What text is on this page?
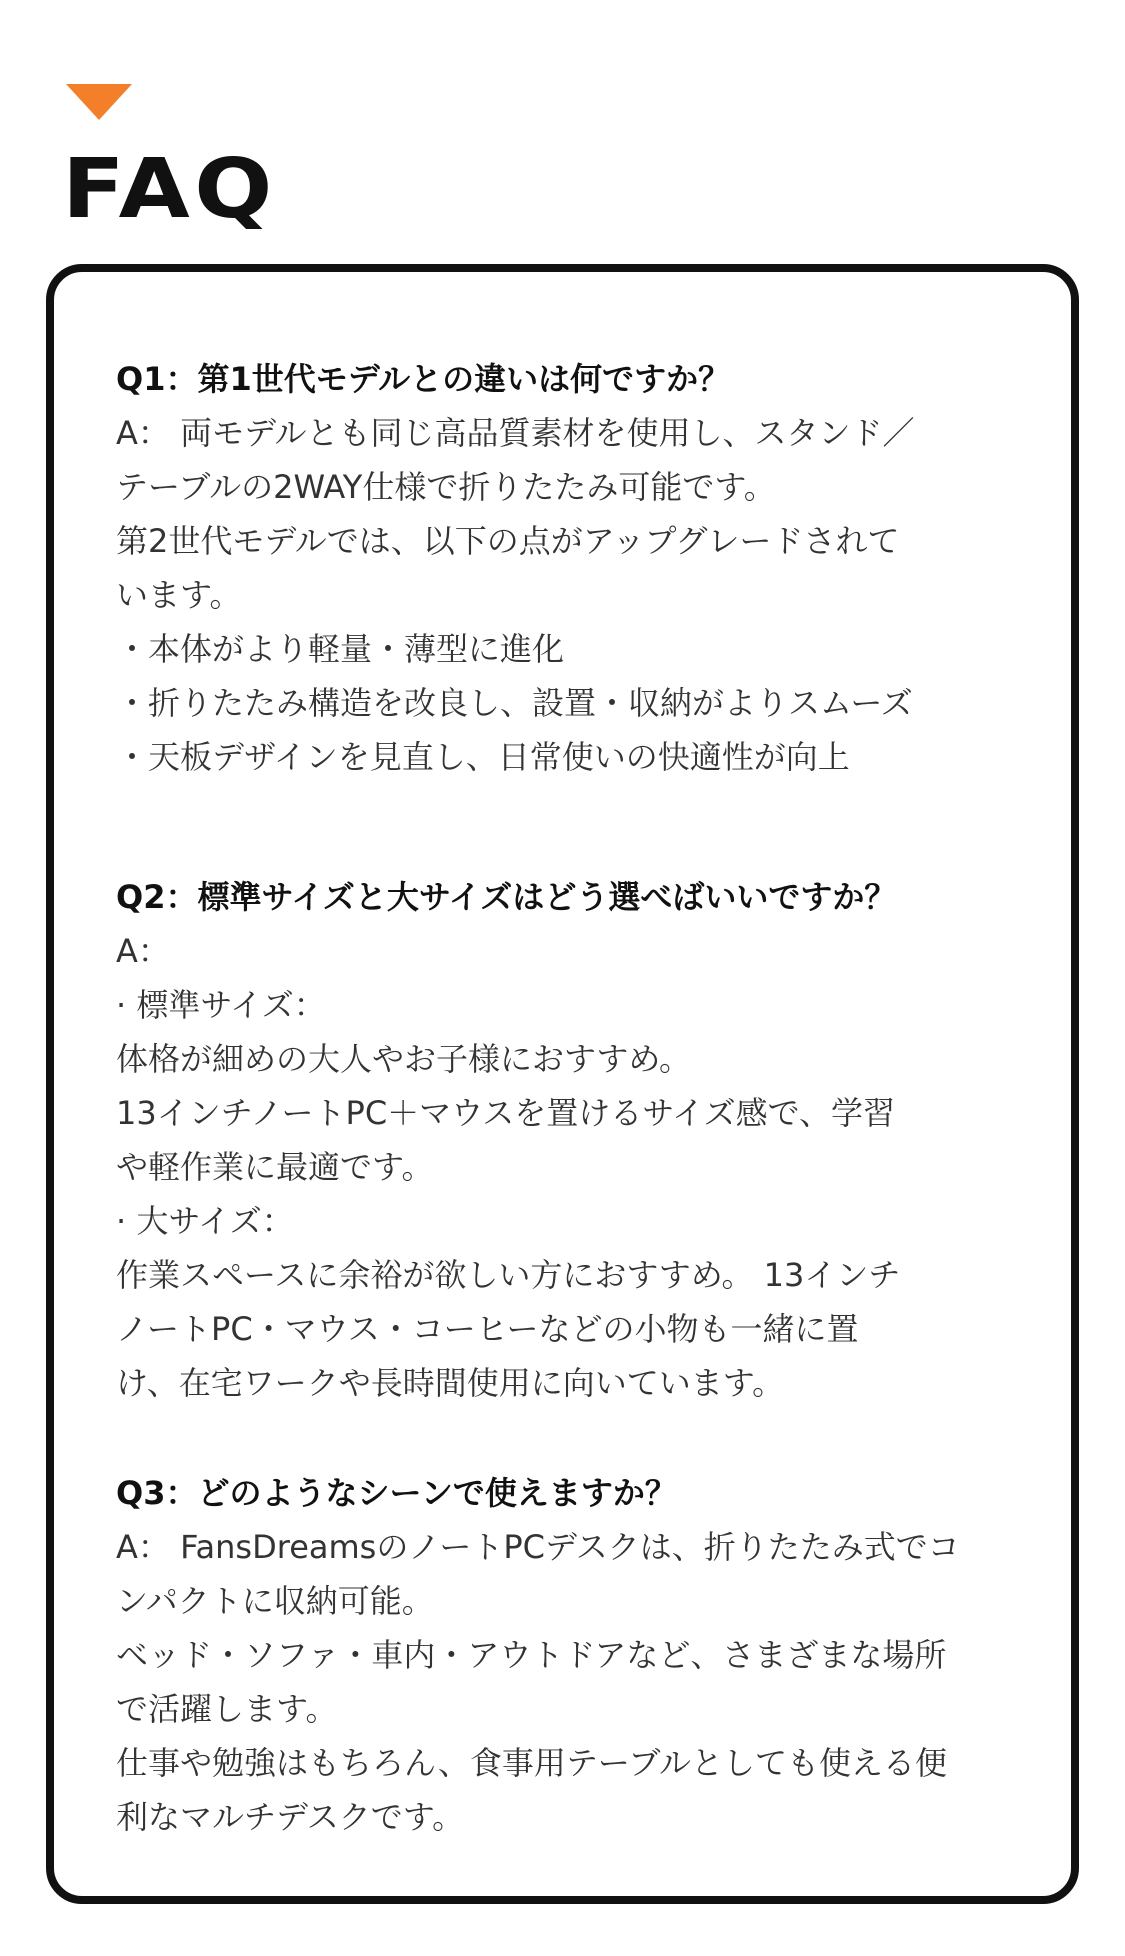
FAQ

Q1：第1世代モデルとの違いは何ですか？

A： 両モデルとも同じ高品質素材を使用し、スタンド／

テーブルの2WAY仕様で折りたたみ可能です。

第2世代モデルでは、以下の点がアップグレードされて

います。

・本体がより軽量・薄型に進化

・折りたたみ構造を改良し、設置・収納がよりスムーズ

・天板デザインを見直し、日常使いの快適性が向上

Q2：標準サイズと大サイズはどう選べばいいですか？

A：

· 標準サイズ：

体格が細めの大人やお子様におすすめ。

13インチノートPC＋マウスを置けるサイズ感で、学習

や軽作業に最適です。

· 大サイズ：

作業スペースに余裕が欲しい方におすすめ。 13インチ

ノートPC・マウス・コーヒーなどの小物も一緒に置

け、在宅ワークや長時間使用に向いています。

Q3：どのようなシーンで使えますか？

A： FansDreamsのノートPCデスクは、折りたたみ式でコ

ンパクトに収納可能。

ベッド・ソファ・車内・アウトドアなど、さまざまな場所

で活躍します。

仕事や勉強はもちろん、食事用テーブルとしても使える便

利なマルチデスクです。
